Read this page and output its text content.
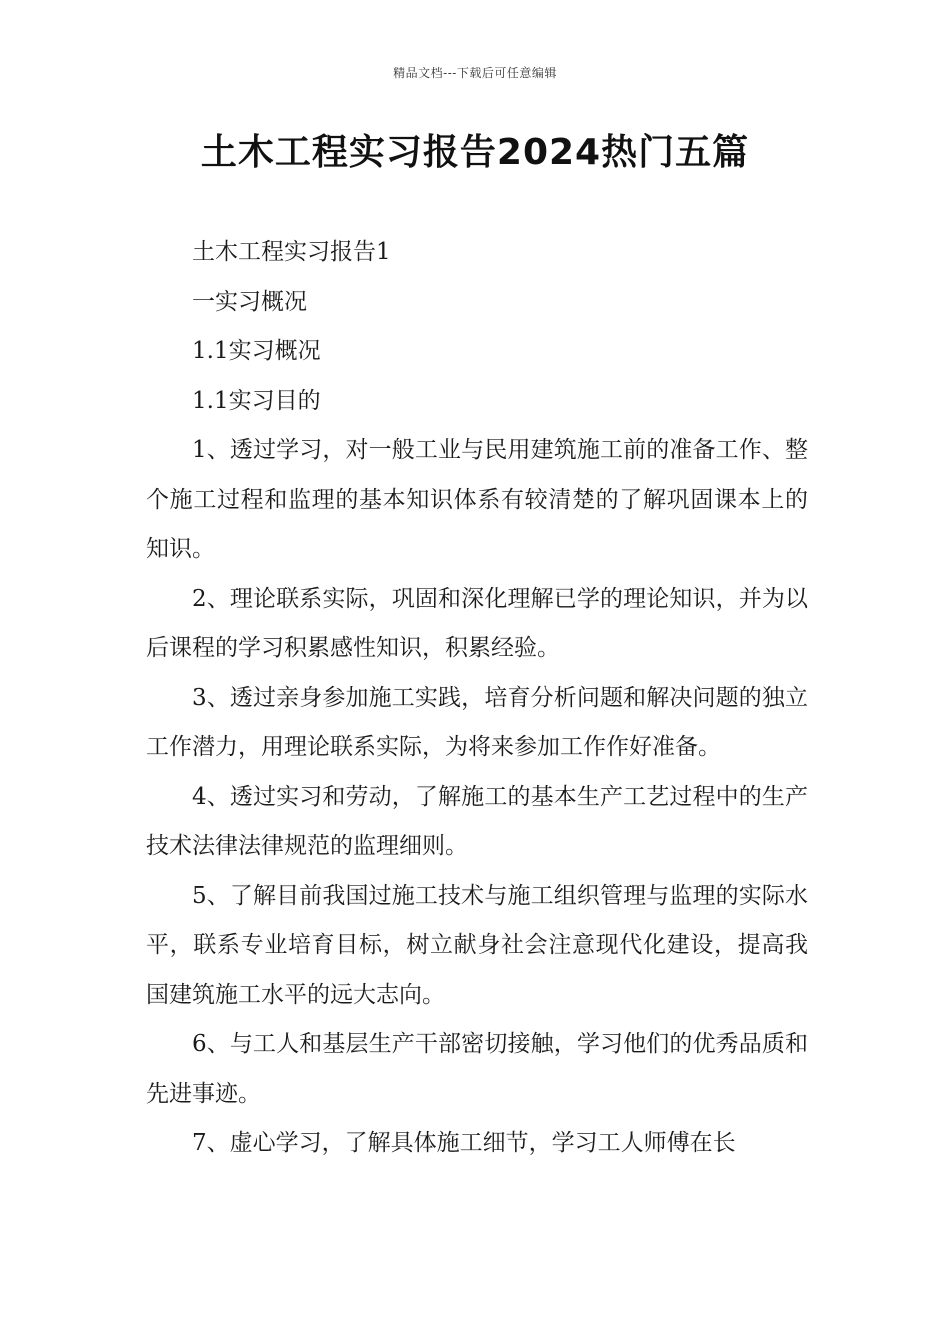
精品文档---下载后可任意编辑
土木工程实习报告2024热门五篇

土木工程实习报告1

一实习概况

1.1实习概况

1.1实习目的

1、透过学习，对一般工业与民用建筑施工前的准备工作、整个施工过程和监理的基本知识体系有较清楚的了解巩固课本上的知识。

2、理论联系实际，巩固和深化理解已学的理论知识，并为以后课程的学习积累感性知识，积累经验。

3、透过亲身参加施工实践，培育分析问题和解决问题的独立工作潜力，用理论联系实际，为将来参加工作作好准备。

4、透过实习和劳动，了解施工的基本生产工艺过程中的生产技术法律法律规范的监理细则。

5、了解目前我国过施工技术与施工组织管理与监理的实际水平，联系专业培育目标，树立献身社会注意现代化建设，提高我国建筑施工水平的远大志向。

6、与工人和基层生产干部密切接触，学习他们的优秀品质和先进事迹。

7、虚心学习，了解具体施工细节，学习工人师傅在长
